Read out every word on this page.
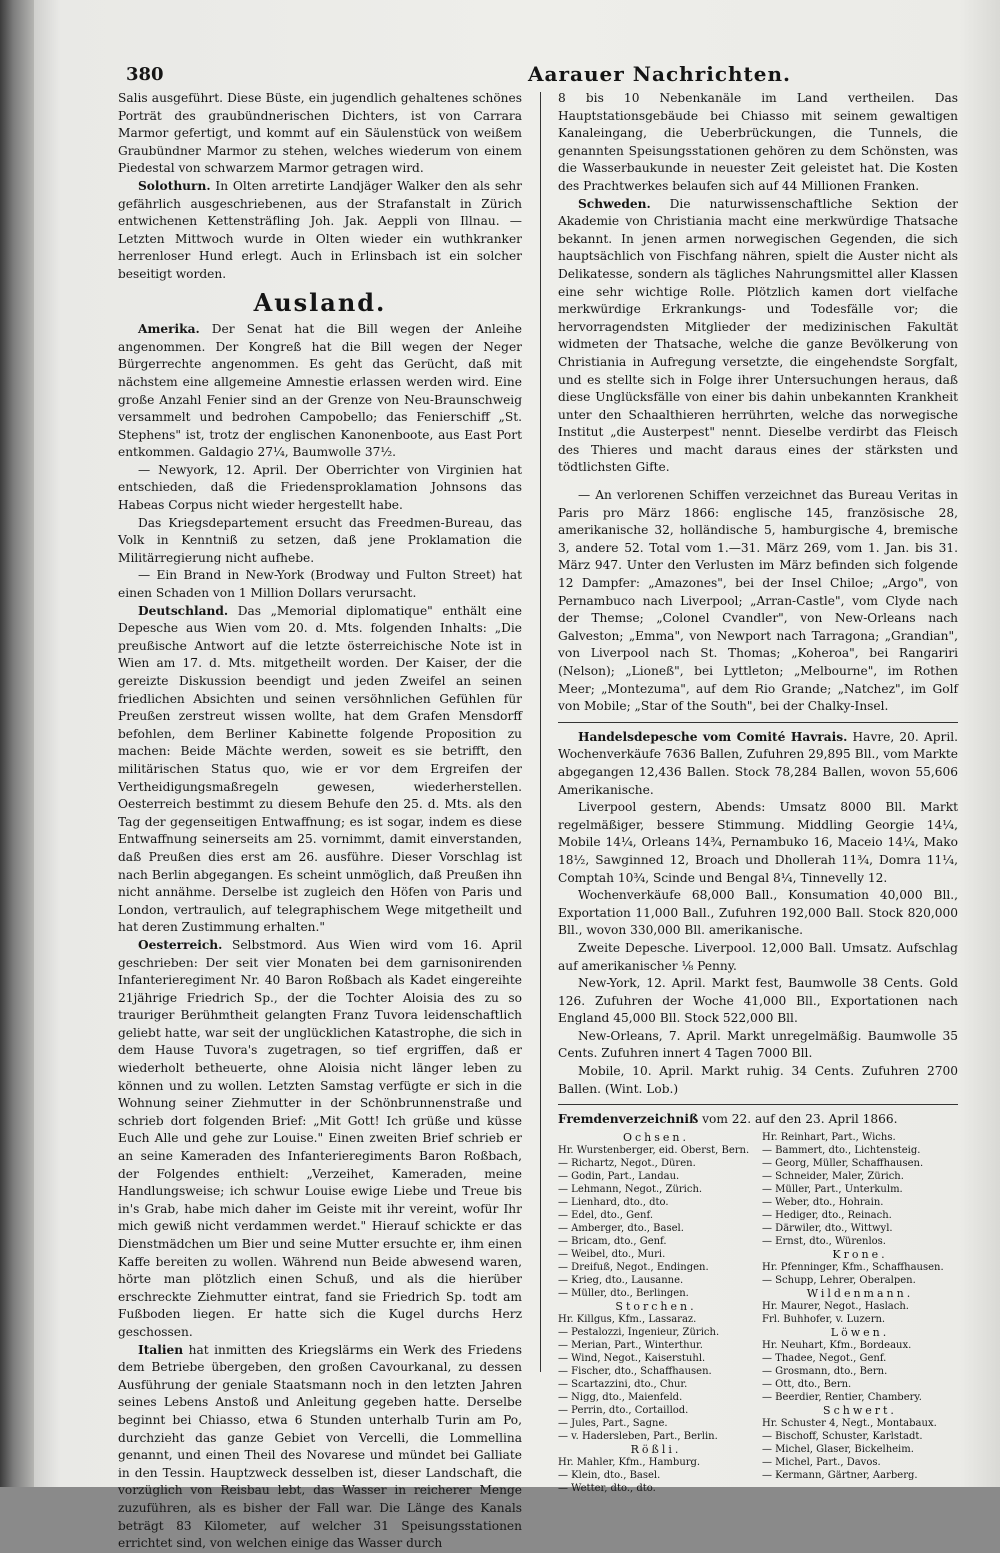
380	Aarauer Nachrichten.

Salis ausgeführt. Diese Büste, ein jugendlich gehaltenes schönes Porträt des graubündnerischen Dichters, ist von Carrara Marmor gefertigt, und kommt auf ein Säulenstück von weißem Graubündner Marmor zu stehen, welches wiederum von einem Piedestal von schwarzem Marmor getragen wird.

Solothurn. In Olten arretirte Landjäger Walker den als sehr gefährlich ausgeschriebenen, aus der Strafanstalt in Zürich entwichenen Kettensträfling Joh. Jak. Aeppli von Illnau. — Letzten Mittwoch wurde in Olten wieder ein wuthkranker herrenloser Hund erlegt. Auch in Erlinsbach ist ein solcher beseitigt worden.

Ausland.

Amerika. Der Senat hat die Bill wegen der Anleihe angenommen. Der Kongreß hat die Bill wegen der Neger Bürgerrechte angenommen. Es geht das Gerücht, daß mit nächstem eine allgemeine Amnestie erlassen werden wird. Eine große Anzahl Fenier sind an der Grenze von Neu-Braunschweig versammelt und bedrohen Campobello; das Fenierschiff „St. Stephens" ist, trotz der englischen Kanonenboote, aus East Port entkommen. Galdagio 27¼, Baumwolle 37½.

— Newyork, 12. April. Der Oberrichter von Virginien hat entschieden, daß die Friedensproklamation Johnsons das Habeas Corpus nicht wieder hergestellt habe.

Das Kriegsdepartement ersucht das Freedmen-Bureau, das Volk in Kenntniß zu setzen, daß jene Proklamation die Militärregierung nicht aufhebe.

— Ein Brand in New-York (Brodway und Fulton Street) hat einen Schaden von 1 Million Dollars verursacht.

Deutschland. Das „Memorial diplomatique" enthält eine Depesche aus Wien vom 20. d. Mts. folgenden Inhalts: „Die preußische Antwort auf die letzte österreichische Note ist in Wien am 17. d. Mts. mitgetheilt worden. Der Kaiser, der die gereizte Diskussion beendigt und jeden Zweifel an seinen friedlichen Absichten und seinen versöhnlichen Gefühlen für Preußen zerstreut wissen wollte, hat dem Grafen Mensdorff befohlen, dem Berliner Kabinette folgende Proposition zu machen: Beide Mächte werden, soweit es sie betrifft, den militärischen Status quo, wie er vor dem Ergreifen der Vertheidigungsmaßregeln gewesen, wiederherstellen. Oesterreich bestimmt zu diesem Behufe den 25. d. Mts. als den Tag der gegenseitigen Entwaffnung; es ist sogar, indem es diese Entwaffnung seinerseits am 25. vornimmt, damit einverstanden, daß Preußen dies erst am 26. ausführe. Dieser Vorschlag ist nach Berlin abgegangen. Es scheint unmöglich, daß Preußen ihn nicht annähme. Derselbe ist zugleich den Höfen von Paris und London, vertraulich, auf telegraphischem Wege mitgetheilt und hat deren Zustimmung erhalten."

Oesterreich. Selbstmord. Aus Wien wird vom 16. April geschrieben: Der seit vier Monaten bei dem garnisonirenden Infanterieregiment Nr. 40 Baron Roßbach als Kadet eingereihte 21jährige Friedrich Sp., der die Tochter Aloisia des zu so trauriger Berühmtheit gelangten Franz Tuvora leidenschaftlich geliebt hatte, war seit der unglücklichen Katastrophe, die sich in dem Hause Tuvora's zugetragen, so tief ergriffen, daß er wiederholt betheuerte, ohne Aloisia nicht länger leben zu können und zu wollen. Letzten Samstag verfügte er sich in die Wohnung seiner Ziehmutter in der Schönbrunnenstraße und schrieb dort folgenden Brief: „Mit Gott! Ich grüße und küsse Euch Alle und gehe zur Louise." Einen zweiten Brief schrieb er an seine Kameraden des Infanterieregiments Baron Roßbach, der Folgendes enthielt: „Verzeihet, Kameraden, meine Handlungsweise; ich schwur Louise ewige Liebe und Treue bis in's Grab, habe mich daher im Geiste mit ihr vereint, wofür Ihr mich gewiß nicht verdammen werdet." Hierauf schickte er das Dienstmädchen um Bier und seine Mutter ersuchte er, ihm einen Kaffe bereiten zu wollen. Während nun Beide abwesend waren, hörte man plötzlich einen Schuß, und als die hierüber erschreckte Ziehmutter eintrat, fand sie Friedrich Sp. todt am Fußboden liegen. Er hatte sich die Kugel durchs Herz geschossen.

Italien hat inmitten des Kriegslärms ein Werk des Friedens dem Betriebe übergeben, den großen Cavourkanal, zu dessen Ausführung der geniale Staatsmann noch in den letzten Jahren seines Lebens Anstoß und Anleitung gegeben hatte. Derselbe beginnt bei Chiasso, etwa 6 Stunden unterhalb Turin am Po, durchzieht das ganze Gebiet von Vercelli, die Lommellina genannt, und einen Theil des Novarese und mündet bei Galliate in den Tessin. Hauptzweck desselben ist, dieser Landschaft, die vorzüglich von Reisbau lebt, das Wasser in reicherer Menge zuzuführen, als es bisher der Fall war. Die Länge des Kanals beträgt 83 Kilometer, auf welcher 31 Speisungsstationen errichtet sind, von welchen einige das Wasser durch

8 bis 10 Nebenkanäle im Land vertheilen. Das Hauptstationsgebäude bei Chiasso mit seinem gewaltigen Kanaleingang, die Ueberbrückungen, die Tunnels, die genannten Speisungsstationen gehören zu dem Schönsten, was die Wasserbaukunde in neuester Zeit geleistet hat. Die Kosten des Prachtwerkes belaufen sich auf 44 Millionen Franken.

Schweden. Die naturwissenschaftliche Sektion der Akademie von Christiania macht eine merkwürdige Thatsache bekannt. In jenen armen norwegischen Gegenden, die sich hauptsächlich von Fischfang nähren, spielt die Auster nicht als Delikatesse, sondern als tägliches Nahrungsmittel aller Klassen eine sehr wichtige Rolle. Plötzlich kamen dort vielfache merkwürdige Erkrankungs- und Todesfälle vor; die hervorragendsten Mitglieder der medizinischen Fakultät widmeten der Thatsache, welche die ganze Bevölkerung von Christiania in Aufregung versetzte, die eingehendste Sorgfalt, und es stellte sich in Folge ihrer Untersuchungen heraus, daß diese Unglücksfälle von einer bis dahin unbekannten Krankheit unter den Schaalthieren herrührten, welche das norwegische Institut „die Austerpest" nennt. Dieselbe verdirbt das Fleisch des Thieres und macht daraus eines der stärksten und tödtlichsten Gifte.

— An verlorenen Schiffen verzeichnet das Bureau Veritas in Paris pro März 1866: englische 145, französische 28, amerikanische 32, holländische 5, hamburgische 4, bremische 3, andere 52. Total vom 1.—31. März 269, vom 1. Jan. bis 31. März 947. Unter den Verlusten im März befinden sich folgende 12 Dampfer: „Amazones", bei der Insel Chiloe; „Argo", von Pernambuco nach Liverpool; „Arran-Castle", vom Clyde nach der Themse; „Colonel Cvandler", von New-Orleans nach Galveston; „Emma", von Newport nach Tarragona; „Grandian", von Liverpool nach St. Thomas; „Koheroa", bei Rangariri (Nelson); „Lioneß", bei Lyttleton; „Melbourne", im Rothen Meer; „Montezuma", auf dem Rio Grande; „Natchez", im Golf von Mobile; „Star of the South", bei der Chalky-Insel.

Handelsdepesche vom Comité Havrais. Havre, 20. April. Wochenverkäufe 7636 Ballen, Zufuhren 29,895 Bll., vom Markte abgegangen 12,436 Ballen. Stock 78,284 Ballen, wovon 55,606 Amerikanische.

Liverpool gestern, Abends: Umsatz 8000 Bll. Markt regelmäßiger, bessere Stimmung. Middling Georgie 14¼, Mobile 14¼, Orleans 14¾, Pernambuko 16, Maceio 14¼, Mako 18½, Sawginned 12, Broach und Dhollerah 11¾, Domra 11¼, Comptah 10¾, Scinde und Bengal 8¼, Tinnevelly 12.

Wochenverkäufe 68,000 Ball., Konsumation 40,000 Bll., Exportation 11,000 Ball., Zufuhren 192,000 Ball. Stock 820,000 Bll., wovon 330,000 Bll. amerikanische.

Zweite Depesche. Liverpool. 12,000 Ball. Umsatz. Aufschlag auf amerikanischer ⅛ Penny.

New-York, 12. April. Markt fest, Baumwolle 38 Cents. Gold 126. Zufuhren der Woche 41,000 Bll., Exportationen nach England 45,000 Bll. Stock 522,000 Bll.

New-Orleans, 7. April. Markt unregelmäßig. Baumwolle 35 Cents. Zufuhren innert 4 Tagen 7000 Bll.

Mobile, 10. April. Markt ruhig. 34 Cents. Zufuhren 2700 Ballen. (Wint. Lob.)

Fremdenverzeichniß vom 22. auf den 23. April 1866.

Ochsen.
Hr. Wurstenberger, eid. Oberst, Bern.
— Richartz, Negot., Düren.
— Godin, Part., Landau.
— Lehmann, Negot., Zürich.
— Lienhard, dto., dto.
— Edel, dto., Genf.
— Amberger, dto., Basel.
— Bricam, dto., Genf.
— Weibel, dto., Muri.
— Dreifuß, Negot., Endingen.
— Krieg, dto., Lausanne.
— Müller, dto., Berlingen.
Storchen.
Hr. Killgus, Kfm., Lassaraz.
— Pestalozzi, Ingenieur, Zürich.
— Merian, Part., Winterthur.
— Wind, Negot., Kaiserstuhl.
— Fischer, dto., Schaffhausen.
— Scartazzini, dto., Chur.
— Nigg, dto., Maienfeld.
— Perrin, dto., Cortaillod.
— Jules, Part., Sagne.
— v. Hadersleben, Part., Berlin.
Rößli.
Hr. Mahler, Kfm., Hamburg.
— Klein, dto., Basel.
— Wetter, dto., dto.
Hr. Reinhart, Part., Wichs.
— Bammert, dto., Lichtensteig.
— Georg, Müller, Schaffhausen.
— Schneider, Maler, Zürich.
— Müller, Part., Unterkulm.
— Weber, dto., Hohrain.
— Hediger, dto., Reinach.
— Därwiler, dto., Wittwyl.
— Ernst, dto., Würenlos.
Krone.
Hr. Pfenninger, Kfm., Schaffhausen.
— Schupp, Lehrer, Oberalpen.
Wildenmann.
Hr. Maurer, Negot., Haslach.
Frl. Buhhofer, v. Luzern.
Löwen.
Hr. Neuhart, Kfm., Bordeaux.
— Thadee, Negot., Genf.
— Grosmann, dto., Bern.
— Ott, dto., Bern.
— Beerdier, Rentier, Chambery.
Schwert.
Hr. Schuster 4, Negt., Montabaux.
— Bischoff, Schuster, Karlstadt.
— Michel, Glaser, Bickelheim.
— Michel, Part., Davos.
— Kermann, Gärtner, Aarberg.
